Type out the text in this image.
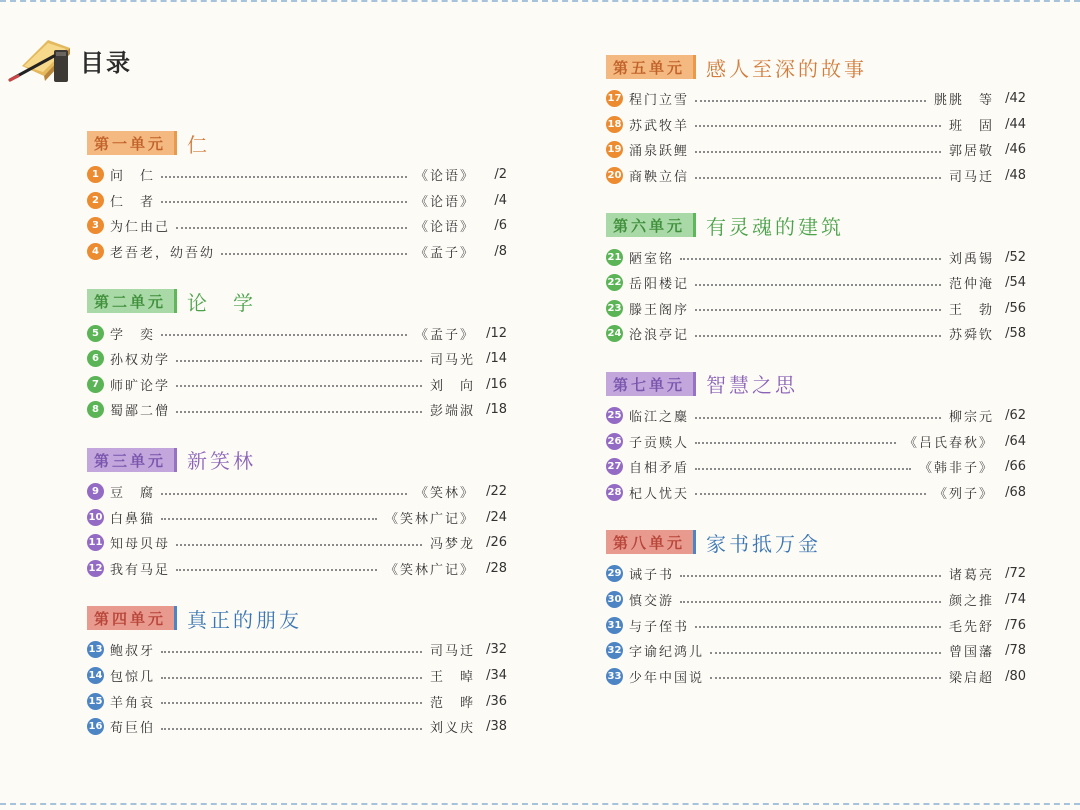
目录
第一单元	仁
1 问　仁	《论语》	/2
2 仁　者	《论语》	/4
3 为仁由己	《论语》	/6
4 老吾老，幼吾幼	《孟子》	/8
第二单元	论　学
5 学　奕	《孟子》 /12
6 孙权劝学	司马光 /14
7 师旷论学	刘　向 /16
8 蜀鄙二僧	彭端淑 /18
第三单元	新笑林
9 豆　腐	《笑林》 /22
10 白鼻猫	《笑林广记》 /24
11 知母贝母	冯梦龙 /26
12 我有马足	《笑林广记》 /28
第四单元	真正的朋友
13 鲍叔牙	司马迁 /32
14 包惊几	王　晫 /34
15 羊角哀	范　晔 /36
16 荀巨伯	刘义庆 /38
第五单元	感人至深的故事
17 程门立雪	朓朓　等 /42
18 苏武牧羊	班　固 /44
19 涌泉跃鲤	郭居敬 /46
20 商鞅立信	司马迁 /48
第六单元	有灵魂的建筑
21 陋室铭	刘禹锡 /52
22 岳阳楼记	范仲淹 /54
23 滕王阁序	王　勃 /56
24 沧浪亭记	苏舜钦 /58
第七单元	智慧之思
25 临江之麋	柳宗元 /62
26 子贡赎人	《吕氏春秋》 /64
27 自相矛盾	《韩非子》 /66
28 杞人忧天	《列子》 /68
第八单元	家书抵万金
29 诫子书	诸葛亮 /72
30 慎交游	颜之推 /74
31 与子侄书	毛先舒 /76
32 字谕纪鸿儿	曾国藩 /78
33 少年中国说	梁启超 /80
